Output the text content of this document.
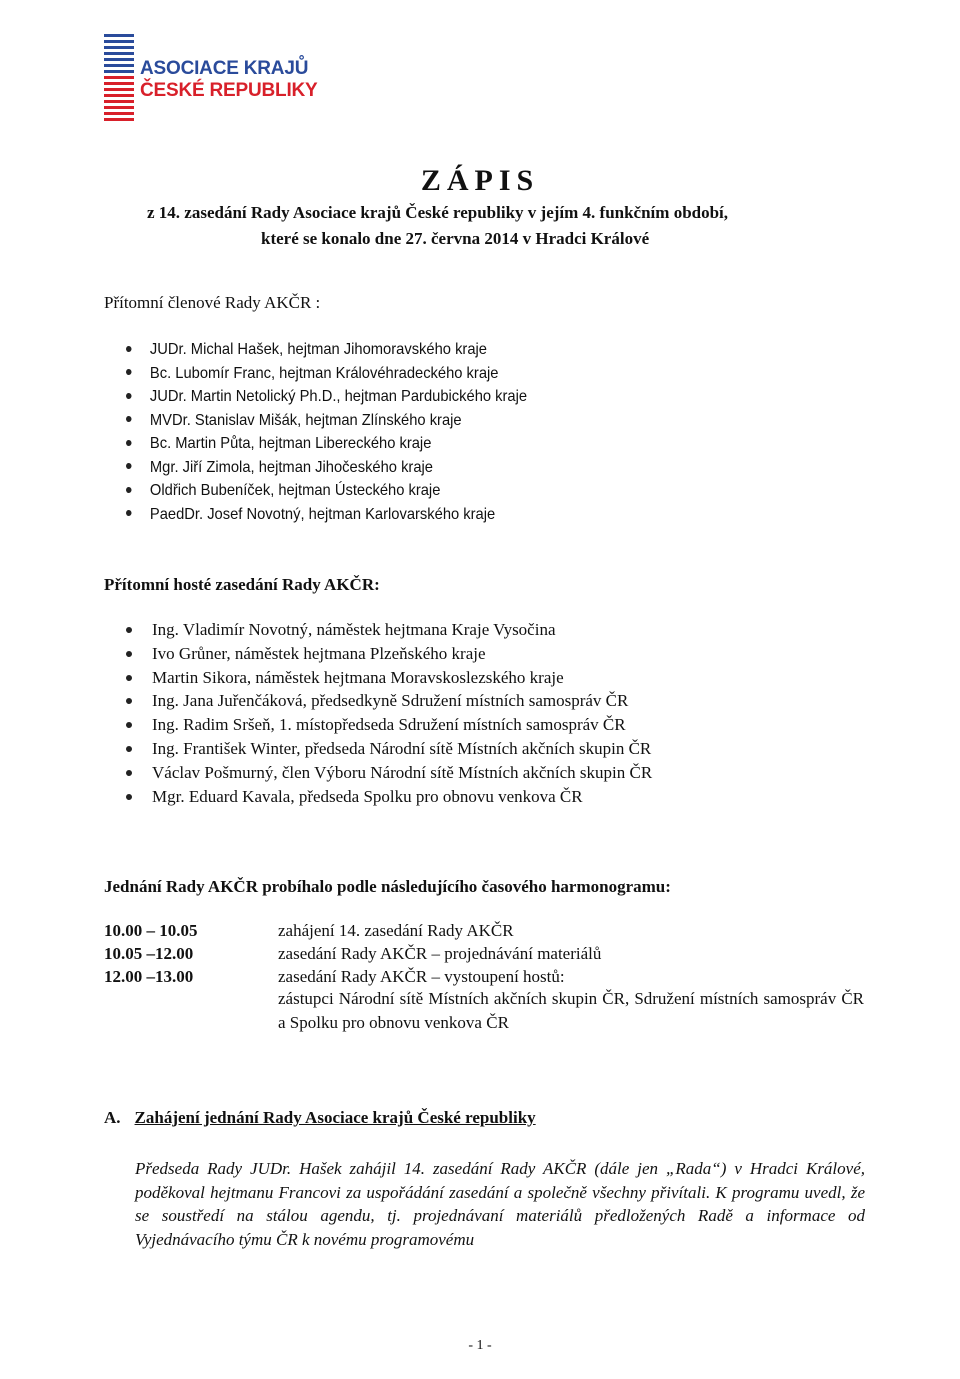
ASOCIACE KRAJŮ
ČESKÉ REPUBLIKY
ZÁPIS
z 14. zasedání Rady Asociace krajů České republiky v jejím 4. funkčním období,
které se konalo dne 27. června 2014 v Hradci Králové
Přítomní členové Rady AKČR :
JUDr. Michal Hašek, hejtman Jihomoravského kraje
Bc. Lubomír Franc, hejtman Královéhradeckého kraje
JUDr. Martin Netolický Ph.D., hejtman Pardubického kraje
MVDr. Stanislav Mišák, hejtman Zlínského kraje
Bc. Martin Půta, hejtman Libereckého kraje
Mgr. Jiří Zimola, hejtman Jihočeského kraje
Oldřich Bubeníček, hejtman Ústeckého kraje
PaedDr. Josef Novotný, hejtman Karlovarského kraje
Přítomní hosté zasedání Rady AKČR:
Ing. Vladimír Novotný, náměstek hejtmana Kraje Vysočina
Ivo Grůner, náměstek hejtmana Plzeňského kraje
Martin Sikora, náměstek hejtmana Moravskoslezského kraje
Ing. Jana Juřenčáková, předsedkyně Sdružení místních samospráv ČR
Ing. Radim Sršeň, 1. místopředseda Sdružení místních samospráv ČR
Ing. František Winter, předseda Národní sítě Místních akčních skupin ČR
Václav Pošmurný, člen Výboru Národní sítě Místních akčních skupin ČR
Mgr. Eduard Kavala, předseda Spolku pro obnovu venkova ČR
Jednání Rady AKČR probíhalo podle následujícího časového harmonogramu:
10.00 – 10.05	zahájení 14. zasedání Rady AKČR
10.05 –12.00	zasedání Rady AKČR – projednávání materiálů
12.00 –13.00	zasedání Rady AKČR – vystoupení hostů:
zástupci Národní sítě Místních akčních skupin ČR, Sdružení místních samospráv ČR a Spolku pro obnovu venkova ČR
A. Zahájení jednání Rady Asociace krajů České republiky
Předseda Rady JUDr. Hašek zahájil 14. zasedání Rady AKČR (dále jen „Rada“) v Hradci Králové, poděkoval hejtmanu Francovi za uspořádání zasedání a společně všechny přivítali. K programu uvedl, že se soustředí na stálou agendu, tj. projednávaní materiálů předložených Radě a informace od Vyjednávacího týmu ČR k novému programovému
- 1 -
